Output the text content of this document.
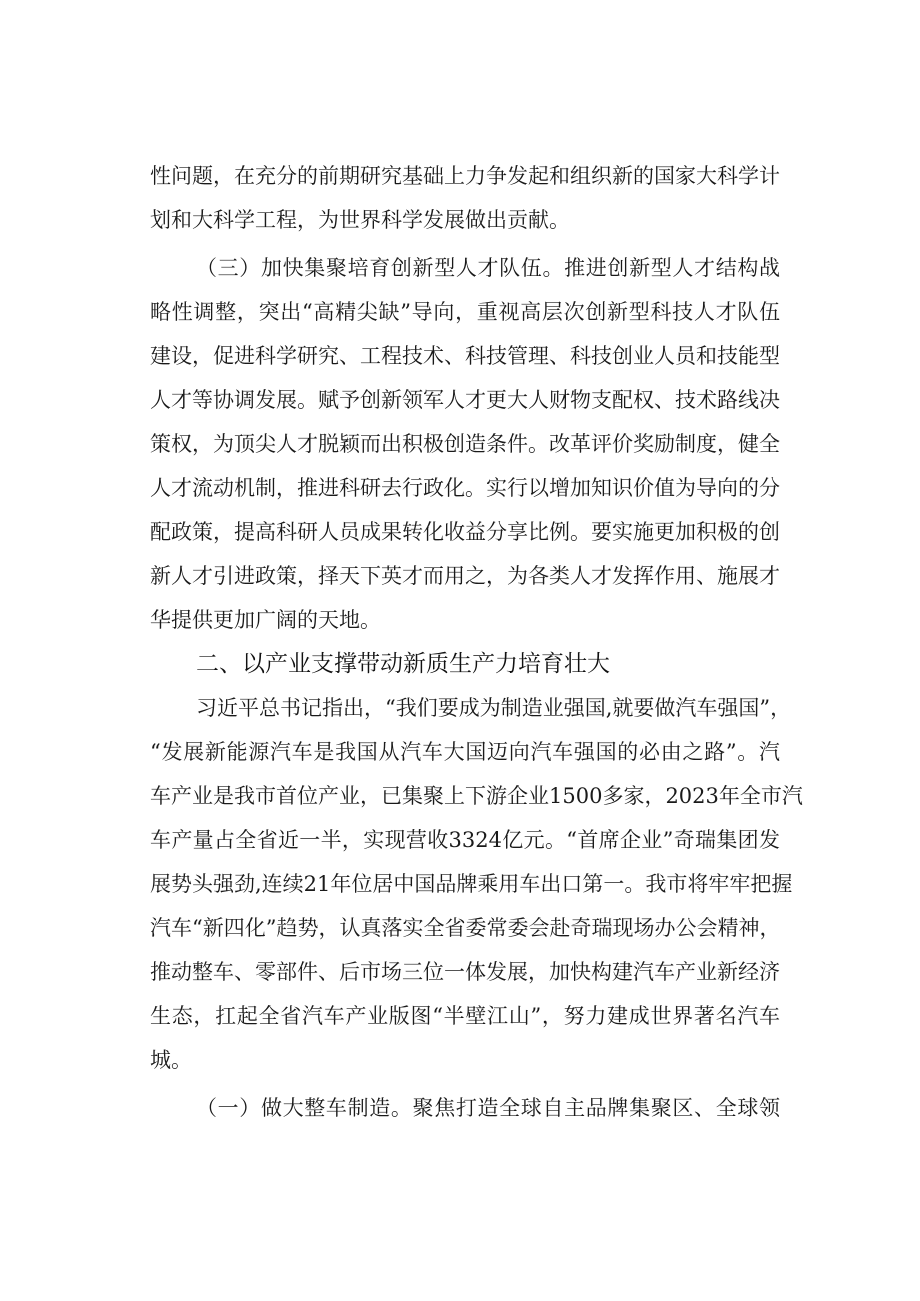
性问题，在充分的前期研究基础上力争发起和组织新的国家大科学计
划和大科学工程，为世界科学发展做出贡献。
（三）加快集聚培育创新型人才队伍。推进创新型人才结构战
略性调整，突出“高精尖缺”导向，重视高层次创新型科技人才队伍
建设，促进科学研究、工程技术、科技管理、科技创业人员和技能型
人才等协调发展。赋予创新领军人才更大人财物支配权、技术路线决
策权，为顶尖人才脱颖而出积极创造条件。改革评价奖励制度，健全
人才流动机制，推进科研去行政化。实行以增加知识价值为导向的分
配政策，提高科研人员成果转化收益分享比例。要实施更加积极的创
新人才引进政策，择天下英才而用之，为各类人才发挥作用、施展才
华提供更加广阔的天地。
二、以产业支撑带动新质生产力培育壮大
习近平总书记指出，“我们要成为制造业强国,就要做汽车强国”，
“发展新能源汽车是我国从汽车大国迈向汽车强国的必由之路”。汽
车产业是我市首位产业，已集聚上下游企业1500多家，2023年全市汽
车产量占全省近一半，实现营收3324亿元。“首席企业”奇瑞集团发
展势头强劲,连续21年位居中国品牌乘用车出口第一。我市将牢牢把握
汽车“新四化”趋势，认真落实全省委常委会赴奇瑞现场办公会精神，
推动整车、零部件、后市场三位一体发展，加快构建汽车产业新经济
生态，扛起全省汽车产业版图“半壁江山”，努力建成世界著名汽车
城。
（一）做大整车制造。聚焦打造全球自主品牌集聚区、全球领
